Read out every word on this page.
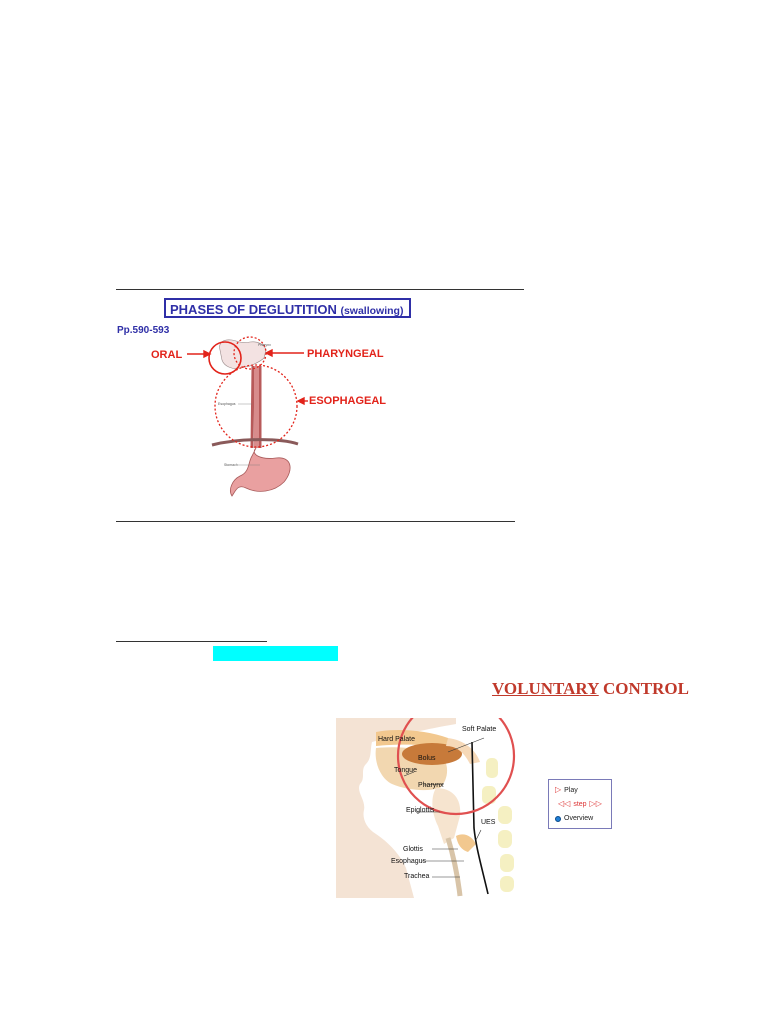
PHASES OF DEGLUTITION (swallowing)
Pp.590-593
ORAL	PHARYNGEAL
ESOPHAGEAL
Pharynx
Esophagus
Stomach
VOLUNTARY CONTROL
Hard Palate
Soft Palate
Bolus
Tongue
Pharynx
Epiglottis
UES
Glottis
Esophagus
Trachea
▷ Play
◁◁ step ▷▷
Overview
